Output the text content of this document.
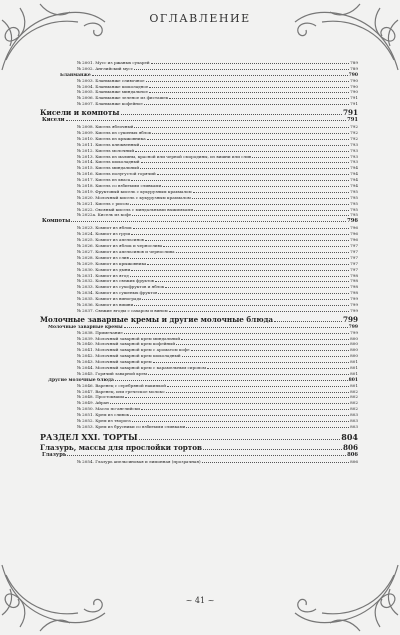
ОГЛАВЛЕНИЕ
№ 2001. Мусс из ржаных сухарей	789
№ 2002. Английский мусс	789
Бланманже	790
№ 2003. Бланманже сливочное	790
№ 2004. Бланманже шоколадное	790
№ 2005. Бланманже миндальное	790
№ 2006. Бланманже зеленое из фисташек	791
№ 2007. Бланманже кофейное	791
Кисели и компоты	791
Кисели	791
№ 2008. Кисель яблочный	792
№ 2009. Кисель из сушеных яблок	792
№ 2010. Кисель из крыжовника	792
№ 2011. Кисель клюквенный	793
№ 2012. Кисель молочный	793
№ 2013. Кисель из малины, красной или черной смородины, из вишни или слив	793
№ 2014. Кисель шоколадный	793
№ 2015. Кисель миндальный	794
№ 2016. Кисель полугустой горячий	794
№ 2017. Кисель из кваса	794
№ 2018. Кисель со взбитыми сливками	794
№ 2019. Фруктовый кисель с кукурузным крахмалом	795
№ 2020. Молочный кисель с кукурузным крахмалом	795
№ 2021. Кисель с рисом	795
№ 2022. Овсяный кисель с миндальными выжимками	795
№ 2022а. Кисель из кофе	795
Компоты	796
№ 2023. Компот из яблок	796
№ 2024. Компот из груш	796
№ 2025. Компот из апельсинов	796
№ 2026. Компот из яблок и чернослива	797
№ 2027. Компот из апельсинов и чернослива	797
№ 2028. Компот из слив	797
№ 2029. Компот из крыжовника	797
№ 2030. Компот из дыни	797
№ 2031. Компот из ягод	798
№ 2032. Компот из свежих фруктов	798
№ 2033. Компот из сухофруктов и яблок	798
№ 2034. Компот из сушеных фруктов	798
№ 2035. Компот из винограда	799
№ 2036. Компот из вишни	799
№ 2037. Свежие ягоды с сахаром и вином	799
Молочные заварные кремы и другие молочные блюда	799
Молочные заварные кремы	799
№ 2038. Примечание	799
№ 2039. Молочный заварной крем миндальный	800
№ 2040. Молочный заварной крем кофейный	800
№ 2041. Молочный заварной крем с ароматом кофе	800
№ 2042. Молочный заварной крем шоколадный	800
№ 2043. Молочный заварной крем	801
№ 2044. Молочный заварной крем с карамельным сиропом	801
№ 2045. Горячий заварной крем	801
Другие молочные блюда	801
№ 2046. Варенец с серебряной накипкой	801
№ 2047. Варенец, или греческое молоко	802
№ 2048. Простокваша	802
№ 2049. Айран	802
№ 2050. Масло по-английски	802
№ 2051. Крем из сливок	803
№ 2052. Крем из творога	803
№ 2053. Крем из брусники со взбитыми сливками	803
РАЗДЕЛ XXI. ТОРТЫ	804
Глазурь, массы для прослойки тортов	806
Глазурь	806
№ 2054. Глазурь апельсиновая и лимонная (прозрачная)	806
~ 41 ~
